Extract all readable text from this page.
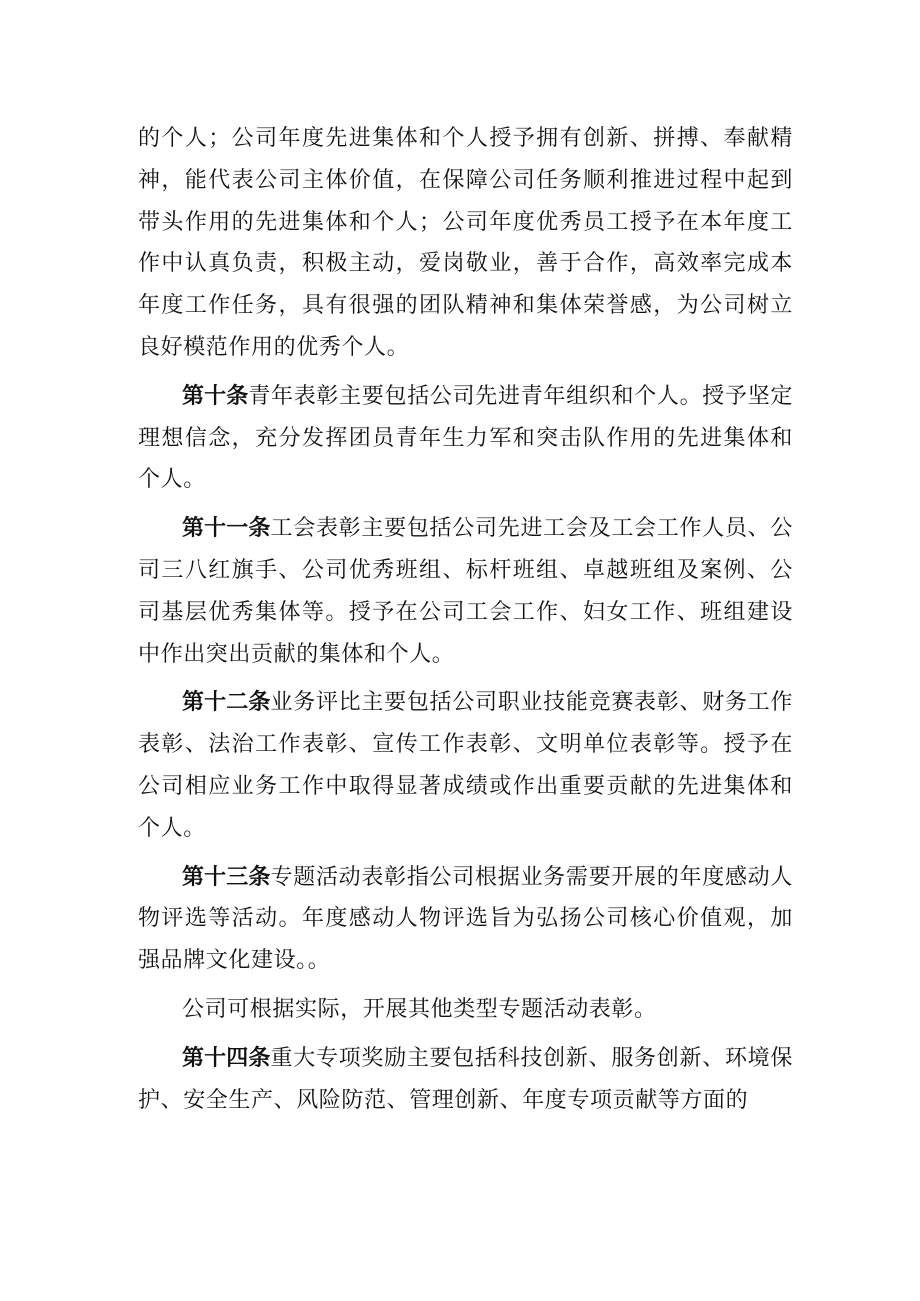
的个人；公司年度先进集体和个人授予拥有创新、拼搏、奉献精神，能代表公司主体价值，在保障公司任务顺利推进过程中起到带头作用的先进集体和个人；公司年度优秀员工授予在本年度工作中认真负责，积极主动，爱岗敬业，善于合作，高效率完成本年度工作任务，具有很强的团队精神和集体荣誉感，为公司树立良好模范作用的优秀个人。

第十条青年表彰主要包括公司先进青年组织和个人。授予坚定理想信念，充分发挥团员青年生力军和突击队作用的先进集体和个人。

第十一条工会表彰主要包括公司先进工会及工会工作人员、公司三八红旗手、公司优秀班组、标杆班组、卓越班组及案例、公司基层优秀集体等。授予在公司工会工作、妇女工作、班组建设中作出突出贡献的集体和个人。

第十二条业务评比主要包括公司职业技能竞赛表彰、财务工作表彰、法治工作表彰、宣传工作表彰、文明单位表彰等。授予在公司相应业务工作中取得显著成绩或作出重要贡献的先进集体和个人。

第十三条专题活动表彰指公司根据业务需要开展的年度感动人物评选等活动。年度感动人物评选旨为弘扬公司核心价值观，加强品牌文化建设。。

公司可根据实际，开展其他类型专题活动表彰。

第十四条重大专项奖励主要包括科技创新、服务创新、环境保护、安全生产、风险防范、管理创新、年度专项贡献等方面的
